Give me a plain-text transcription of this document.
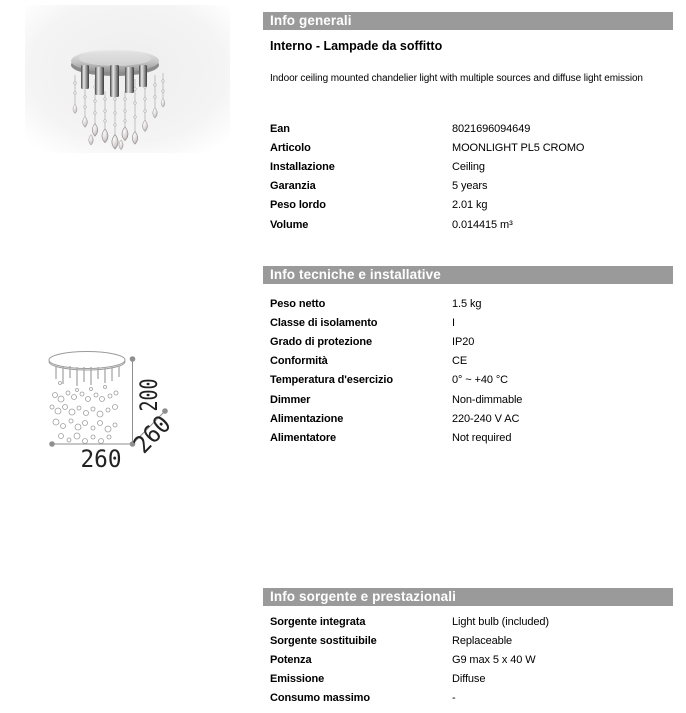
200
260
260
Info generali
Interno - Lampade da soffitto
Indoor ceiling mounted chandelier light with multiple sources and diffuse light emission
Ean	8021696094649
Articolo	MOONLIGHT PL5 CROMO
Installazione	Ceiling
Garanzia	5 years
Peso lordo	2.01 kg
Volume	0.014415 m³
Info tecniche e installative
Peso netto	1.5 kg
Classe di isolamento	I
Grado di protezione	IP20
Conformità	CE
Temperatura d'esercizio	0° ~ +40 °C
Dimmer	Non-dimmable
Alimentazione	220-240 V AC
Alimentatore	Not required
Info sorgente e prestazionali
Sorgente integrata	Light bulb (included)
Sorgente sostituibile	Replaceable
Potenza	G9 max 5 x 40 W
Emissione	Diffuse
Consumo massimo	-
